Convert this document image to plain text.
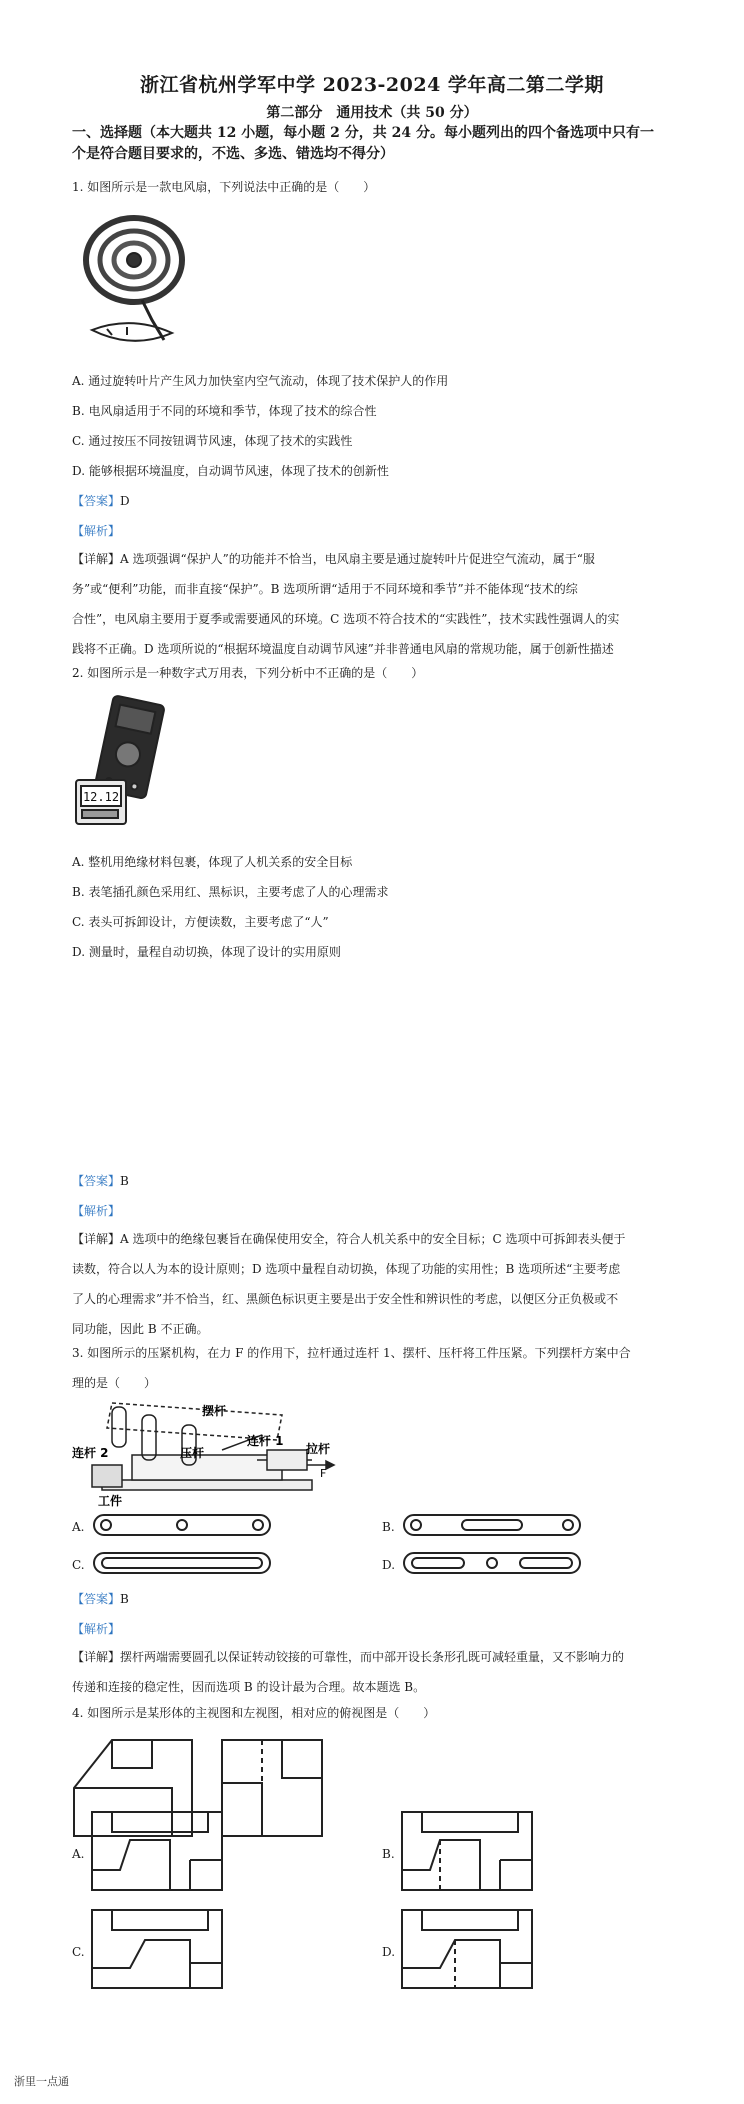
浙江省杭州学军中学 2023-2024 学年高二第二学期
第二部分　通用技术（共 50 分）
一、选择题（本大题共 12 小题，每小题 2 分，共 24 分。每小题列出的四个备选项中只有一
个是符合题目要求的，不选、多选、错选均不得分）
1. 如图所示是一款电风扇，下列说法中正确的是（　　）
A. 通过旋转叶片产生风力加快室内空气流动，体现了技术保护人的作用
B. 电风扇适用于不同的环境和季节，体现了技术的综合性
C. 通过按压不同按钮调节风速，体现了技术的实践性
D. 能够根据环境温度，自动调节风速，体现了技术的创新性
【答案】D
【解析】
【详解】A 选项强调“保护人”的功能并不恰当，电风扇主要是通过旋转叶片促进空气流动，属于“服
务”或“便利”功能，而非直接“保护”。B 选项所谓“适用于不同环境和季节”并不能体现“技术的综
合性”，电风扇主要用于夏季或需要通风的环境。C 选项不符合技术的“实践性”，技术实践性强调人的实
践将不正确。D 选项所说的“根据环境温度自动调节风速”并非普通电风扇的常规功能，属于创新性描述
2. 如图所示是一种数字式万用表，下列分析中不正确的是（　　）
12.12
A. 整机用绝缘材料包裹，体现了人机关系的安全目标
B. 表笔插孔颜色采用红、黑标识，主要考虑了人的心理需求
C. 表头可拆卸设计，方便读数，主要考虑了“人”
D. 测量时，量程自动切换，体现了设计的实用原则
【答案】B
【解析】
【详解】A 选项中的绝缘包裹旨在确保使用安全，符合人机关系中的安全目标；C 选项中可拆卸表头便于
读数，符合以人为本的设计原则；D 选项中量程自动切换，体现了功能的实用性；B 选项所述“主要考虑
了人的心理需求”并不恰当，红、黑颜色标识更主要是出于安全性和辨识性的考虑，以便区分正负极或不
同功能，因此 B 不正确。
3. 如图所示的压紧机构，在力 F 的作用下，拉杆通过连杆 1、摆杆、压杆将工件压紧。下列摆杆方案中合
理的是（　　）
摆杆
连杆 1
压杆	拉杆
F
连杆 2
工件
A.	B.
C.	D.
【答案】B
【解析】
【详解】摆杆两端需要圆孔以保证转动铰接的可靠性，而中部开设长条形孔既可减轻重量，又不影响力的
传递和连接的稳定性，因而选项 B 的设计最为合理。故本题选 B。
4. 如图所示是某形体的主视图和左视图，相对应的俯视图是（　　）
A.	B.
C.	D.
浙里一点通
